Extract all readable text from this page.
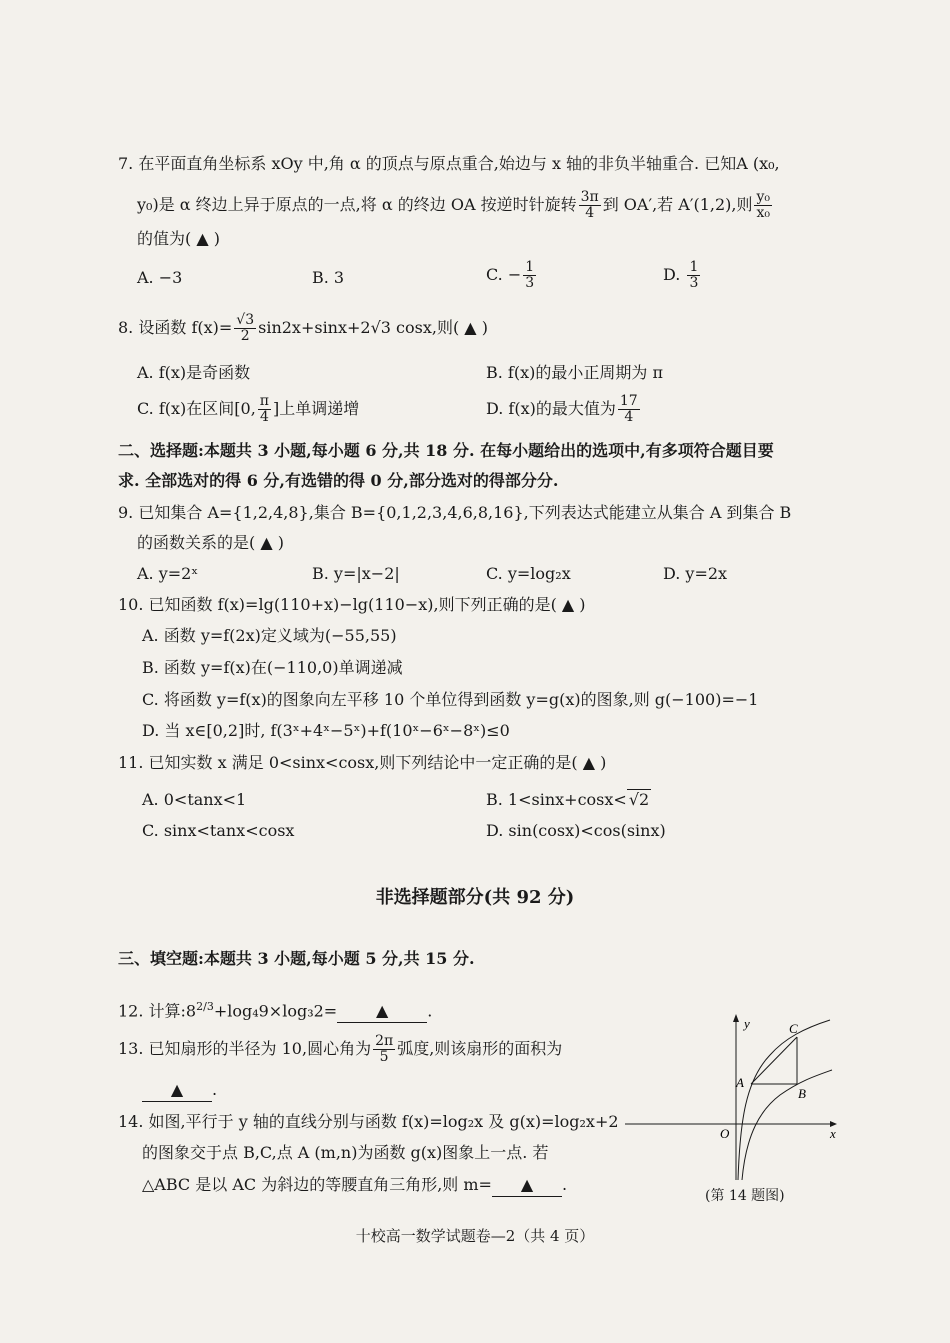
7. 在平面直角坐标系 xOy 中,角 α 的顶点与原点重合,始边与 x 轴的非负半轴重合. 已知A (x₀,
y₀)是 α 终边上异于原点的一点,将 α 的终边 OA 按逆时针旋转 $\frac{3\pi}{4}$ 到 OA′,若 A′(1,2),则 $\frac{\text{y₀}}{\text{x₀}}$
的值为( ▲ )
A. −3	B. 3	C. − $\frac{1}{3}$	D. $\frac{1}{3}$
8. 设函数 $f(x)= \frac{√3}{2} \sin 2x+\sin x+2√3$ cosx,则( ▲ )
A. f(x)是奇函数	B. f(x)的最小正周期为 π
C. f(x)在区间[0, $\frac{\pi}{4}$ ]上单调递增	D. f(x)的最大值为 $\frac{17}{4}$
二、选择题:本题共 3 小题,每小题 6 分,共 18 分. 在每小题给出的选项中,有多项符合题目要
求. 全部选对的得 6 分,有选错的得 0 分,部分选对的得部分分.
9. 已知集合 A={1,2,4,8},集合 B={0,1,2,3,4,6,8,16},下列表达式能建立从集合 A 到集合 B
的函数关系的是( ▲ )
A. y=2ˣ	B. y=|x−2|	C. y=log₂x	D. y=2x
10. 已知函数 f(x)=lg(110+x)−lg(110−x),则下列正确的是( ▲ )
A. 函数 y=f(2x)定义域为(−55,55)
B. 函数 y=f(x)在(−110,0)单调递减
C. 将函数 y=f(x)的图象向左平移 10 个单位得到函数 y=g(x)的图象,则 g(−100)=−1
D. 当 x∈[0,2]时, f(3ˣ+4ˣ−5ˣ)+f(10ˣ−6ˣ−8ˣ)≤0
11. 已知实数 x 满足 0<sinx<cosx,则下列结论中一定正确的是( ▲ )
A. 0<tanx<1	B. 1<sinx+cosx< √2
C. sinx<tanx<cosx	D. sin(cosx)<cos(sinx)
非选择题部分(共 92 分)
三、填空题:本题共 3 小题,每小题 5 分,共 15 分.
12. 计算$:8^{2/3}+\log_49\times\log_32=$ ▲ .
13. 已知扇形的半径为 10,圆心角为 $\frac{2\pi}{5}$ 弧度,则该扇形的面积为
▲ .
14. 如图,平行于 y 轴的直线分别与函数 f(x)=log₂x 及 g(x)=log₂x+2
的图象交于点 B,C,点 A (m,n)为函数 g(x)图象上一点. 若
△ABC 是以 AC 为斜边的等腰直角三角形,则 m= ▲ .
y
x
O
A
B
C
(第 14 题图)
十校高一数学试题卷—2（共 4 页）
